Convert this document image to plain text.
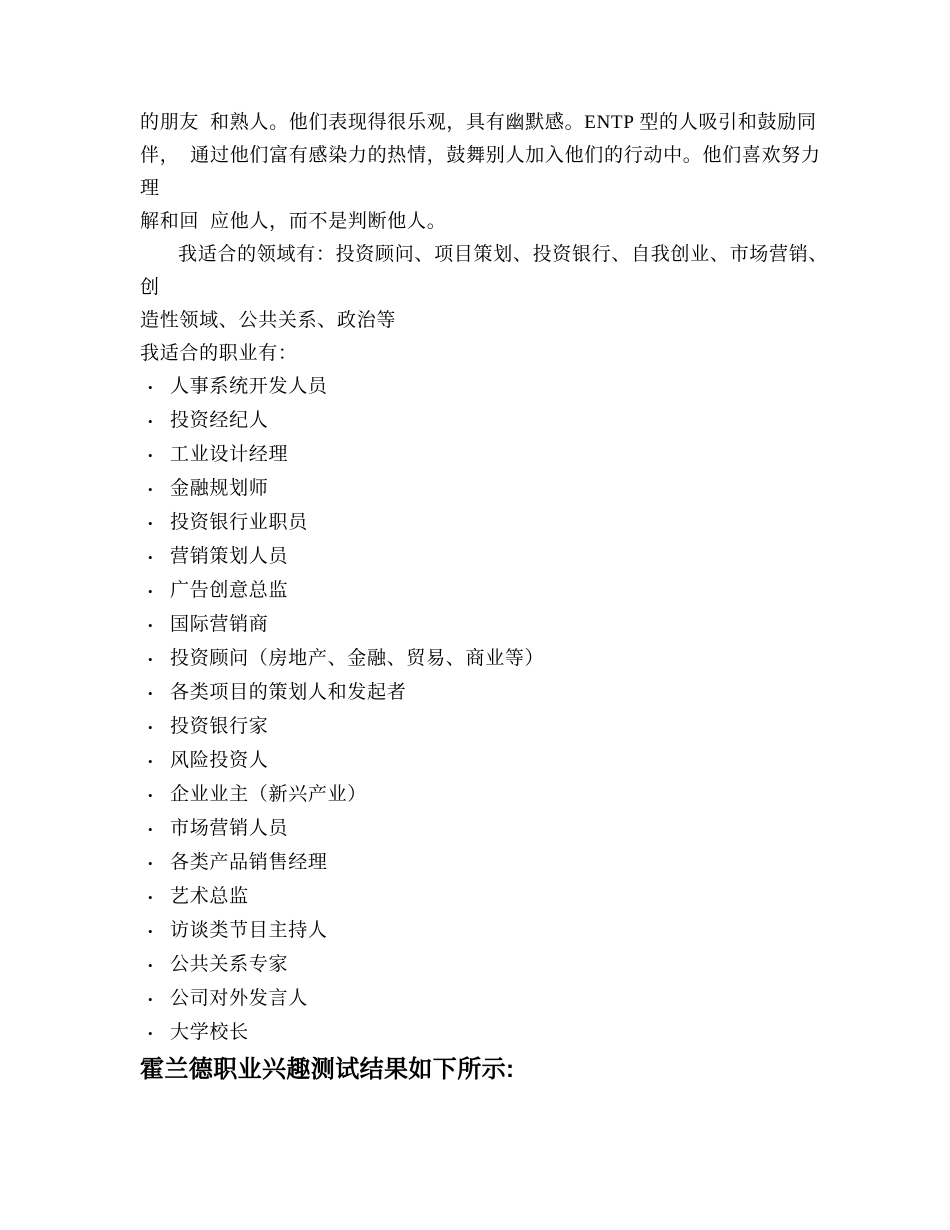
的朋友  和熟人。他们表现得很乐观，具有幽默感。ENTP 型的人吸引和鼓励同
伴，  通过他们富有感染力的热情，鼓舞别人加入他们的行动中。他们喜欢努力理
解和回  应他人，而不是判断他人。
我适合的领域有：投资顾问、项目策划、投资银行、自我创业、市场营销、创
造性领域、公共关系、政治等
我适合的职业有：
• 人事系统开发人员
• 投资经纪人
• 工业设计经理
• 金融规划师
• 投资银行业职员
• 营销策划人员
• 广告创意总监
• 国际营销商
• 投资顾问（房地产、金融、贸易、商业等）
• 各类项目的策划人和发起者
• 投资银行家
• 风险投资人
• 企业业主（新兴产业）
• 市场营销人员
• 各类产品销售经理
• 艺术总监
• 访谈类节目主持人
• 公共关系专家
• 公司对外发言人
• 大学校长
霍兰德职业兴趣测试结果如下所示:
